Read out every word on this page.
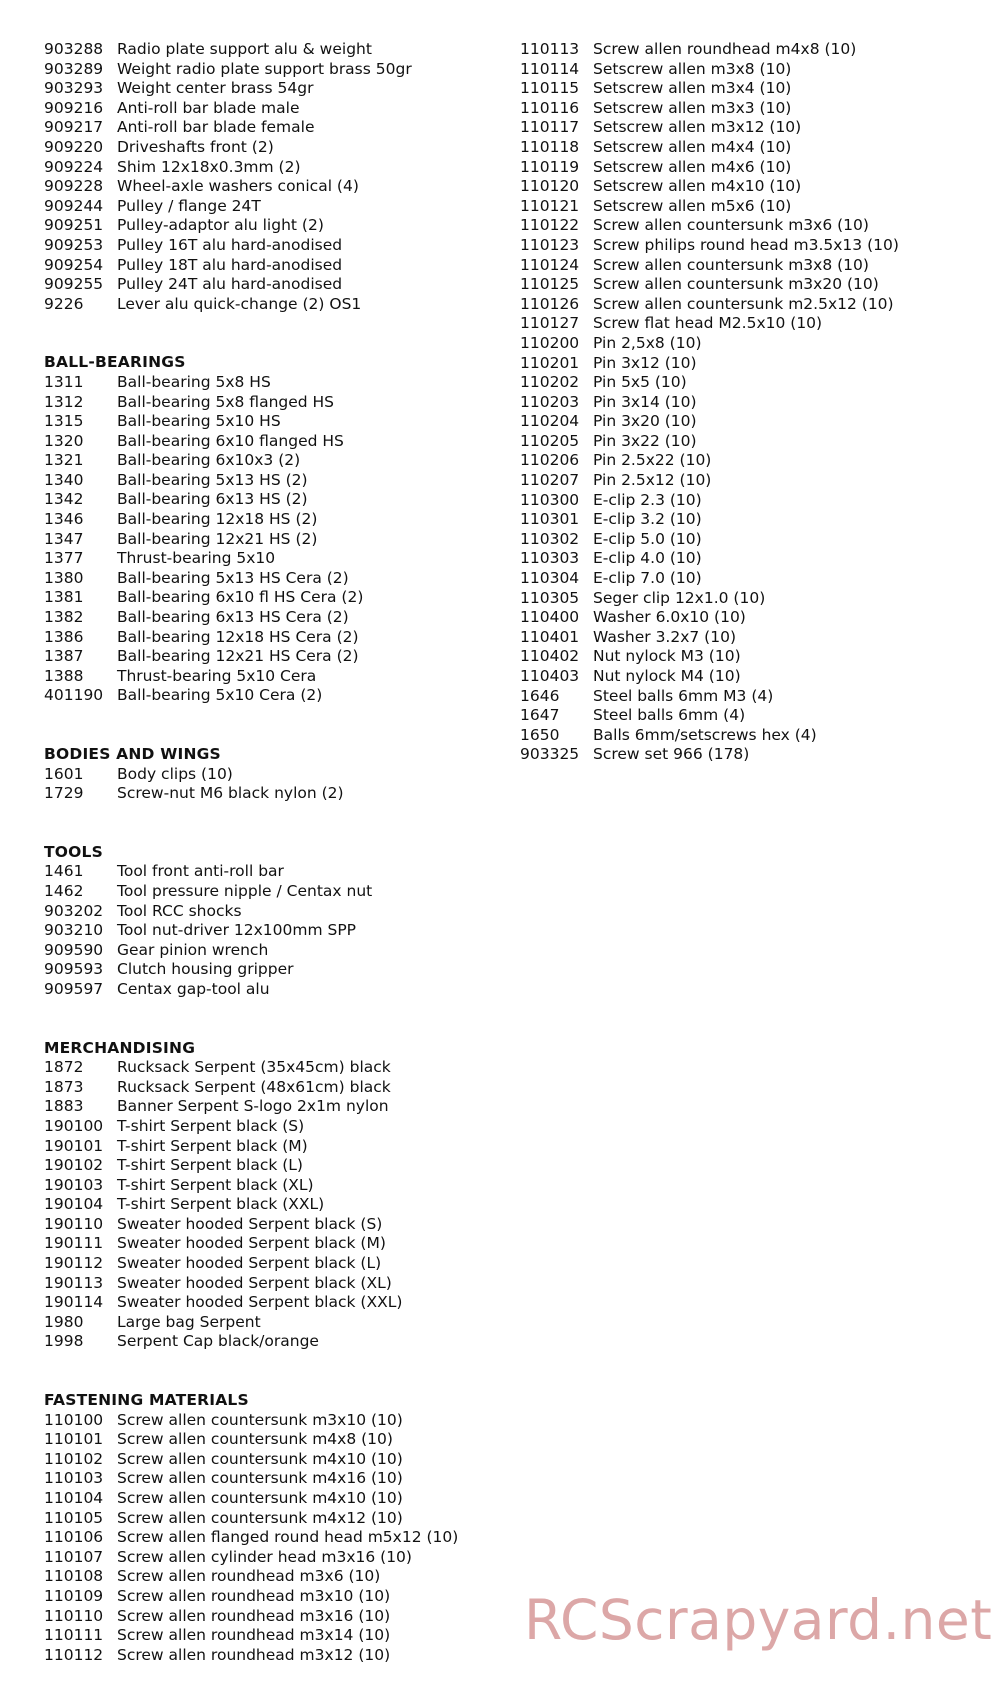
903288 Radio plate support alu & weight
903289 Weight radio plate support brass 50gr
903293 Weight center brass 54gr
909216 Anti-roll bar blade male
909217 Anti-roll bar blade female
909220 Driveshafts front (2)
909224 Shim 12x18x0.3mm (2)
909228 Wheel-axle washers conical (4)
909244 Pulley / flange 24T
909251 Pulley-adaptor alu light (2)
909253 Pulley 16T alu hard-anodised
909254 Pulley 18T alu hard-anodised
909255 Pulley 24T alu hard-anodised
9226	Lever alu quick-change (2) OS1
BALL-BEARINGS
1311	Ball-bearing 5x8 HS
1312	Ball-bearing 5x8 flanged HS
1315	Ball-bearing 5x10 HS
1320	Ball-bearing 6x10 flanged HS
1321	Ball-bearing 6x10x3 (2)
1340	Ball-bearing 5x13 HS (2)
1342	Ball-bearing 6x13 HS (2)
1346	Ball-bearing 12x18 HS (2)
1347	Ball-bearing 12x21 HS (2)
1377	Thrust-bearing 5x10
1380	Ball-bearing 5x13 HS Cera (2)
1381	Ball-bearing 6x10 fl HS Cera (2)
1382	Ball-bearing 6x13 HS Cera (2)
1386	Ball-bearing 12x18 HS Cera (2)
1387	Ball-bearing 12x21 HS Cera (2)
1388	Thrust-bearing 5x10 Cera
401190 Ball-bearing 5x10 Cera (2)
BODIES AND WINGS
1601	Body clips (10)
1729	Screw-nut M6 black nylon (2)
TOOLS
1461	Tool front anti-roll bar
1462	Tool pressure nipple / Centax nut
903202 Tool RCC shocks
903210 Tool nut-driver 12x100mm SPP
909590 Gear pinion wrench
909593 Clutch housing gripper
909597 Centax gap-tool alu
MERCHANDISING
1872	Rucksack Serpent (35x45cm) black
1873	Rucksack Serpent (48x61cm) black
1883	Banner Serpent S-logo 2x1m nylon
190100 T-shirt Serpent black (S)
190101 T-shirt Serpent black (M)
190102 T-shirt Serpent black (L)
190103 T-shirt Serpent black (XL)
190104 T-shirt Serpent black (XXL)
190110 Sweater hooded Serpent black (S)
190111 Sweater hooded Serpent black (M)
190112 Sweater hooded Serpent black (L)
190113 Sweater hooded Serpent black (XL)
190114 Sweater hooded Serpent black (XXL)
1980	Large bag Serpent
1998	Serpent Cap black/orange
FASTENING MATERIALS
110100 Screw allen countersunk m3x10 (10)
110101 Screw allen countersunk m4x8 (10)
110102 Screw allen countersunk m4x10 (10)
110103 Screw allen countersunk m4x16 (10)
110104 Screw allen countersunk m4x10 (10)
110105 Screw allen countersunk m4x12 (10)
110106 Screw allen flanged round head m5x12 (10)
110107 Screw allen cylinder head m3x16 (10)
110108 Screw allen roundhead m3x6 (10)
110109 Screw allen roundhead m3x10 (10)
110110 Screw allen roundhead m3x16 (10)
110111 Screw allen roundhead m3x14 (10)
110112 Screw allen roundhead m3x12 (10)
110113 Screw allen roundhead m4x8 (10)
110114 Setscrew allen m3x8 (10)
110115 Setscrew allen m3x4 (10)
110116 Setscrew allen m3x3 (10)
110117 Setscrew allen m3x12 (10)
110118 Setscrew allen m4x4 (10)
110119 Setscrew allen m4x6 (10)
110120 Setscrew allen m4x10 (10)
110121 Setscrew allen m5x6 (10)
110122 Screw allen countersunk m3x6 (10)
110123 Screw philips round head m3.5x13 (10)
110124 Screw allen countersunk m3x8 (10)
110125 Screw allen countersunk m3x20 (10)
110126 Screw allen countersunk m2.5x12 (10)
110127 Screw flat head M2.5x10 (10)
110200 Pin 2,5x8 (10)
110201 Pin 3x12 (10)
110202 Pin 5x5 (10)
110203 Pin 3x14 (10)
110204 Pin 3x20 (10)
110205 Pin 3x22 (10)
110206 Pin 2.5x22 (10)
110207 Pin 2.5x12 (10)
110300 E-clip 2.3 (10)
110301 E-clip 3.2 (10)
110302 E-clip 5.0 (10)
110303 E-clip 4.0 (10)
110304 E-clip 7.0 (10)
110305 Seger clip 12x1.0 (10)
110400 Washer 6.0x10 (10)
110401 Washer 3.2x7 (10)
110402 Nut nylock M3 (10)
110403 Nut nylock M4 (10)
1646	Steel balls 6mm M3 (4)
1647	Steel balls 6mm (4)
1650	Balls 6mm/setscrews hex (4)
903325 Screw set 966 (178)
RCScrapyard.net
